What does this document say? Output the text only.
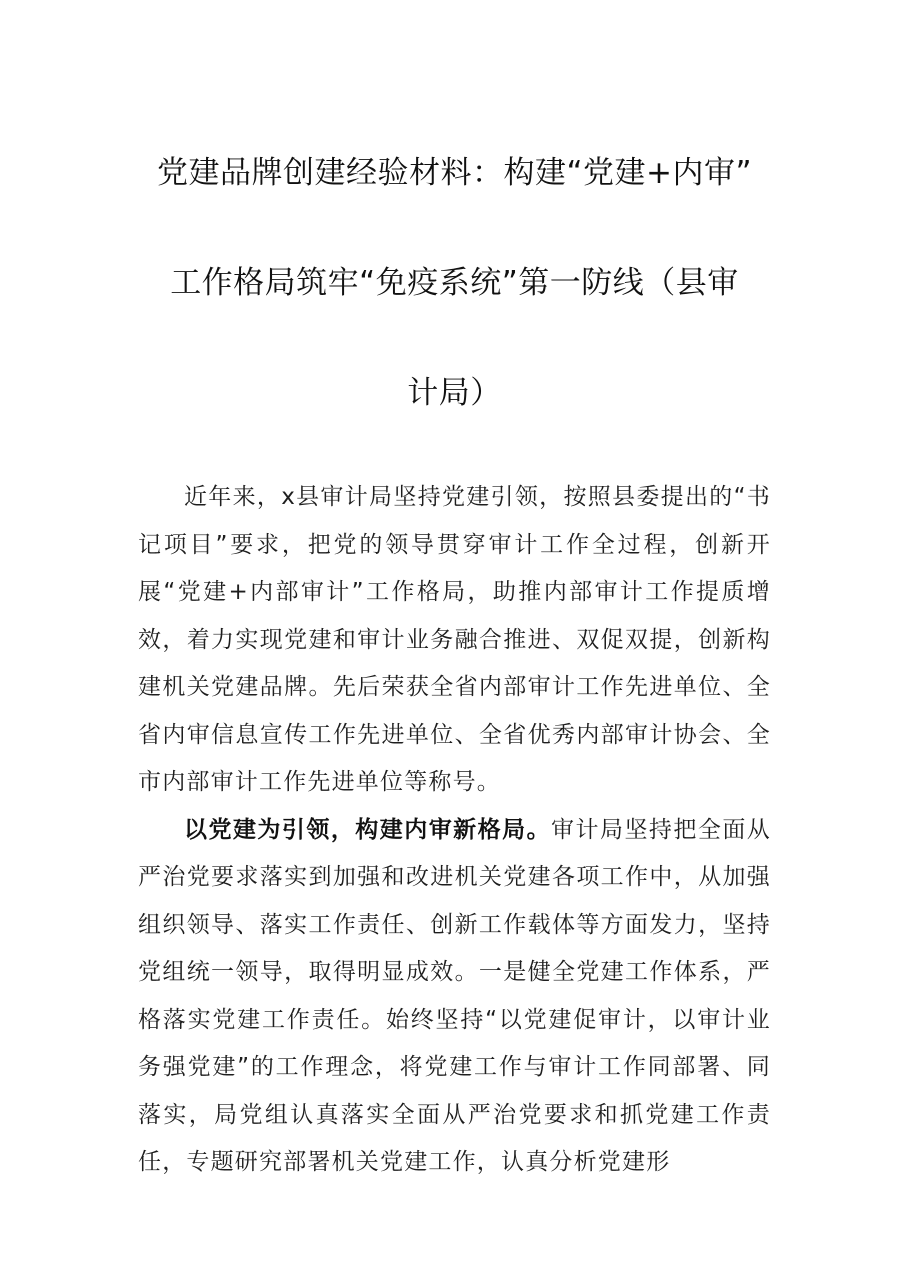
党建品牌创建经验材料：构建“党建+内审”
工作格局筑牢“免疫系统”第一防线（县审
计局）

近年来，x县审计局坚持党建引领，按照县委提出的“书记项目”要求，把党的领导贯穿审计工作全过程，创新开展“党建+内部审计”工作格局，助推内部审计工作提质增效，着力实现党建和审计业务融合推进、双促双提，创新构建机关党建品牌。先后荣获全省内部审计工作先进单位、全省内审信息宣传工作先进单位、全省优秀内部审计协会、全市内部审计工作先进单位等称号。

以党建为引领，构建内审新格局。审计局坚持把全面从严治党要求落实到加强和改进机关党建各项工作中，从加强组织领导、落实工作责任、创新工作载体等方面发力，坚持党组统一领导，取得明显成效。一是健全党建工作体系，严格落实党建工作责任。始终坚持“以党建促审计，以审计业务强党建”的工作理念，将党建工作与审计工作同部署、同落实，局党组认真落实全面从严治党要求和抓党建工作责任，专题研究部署机关党建工作，认真分析党建形
